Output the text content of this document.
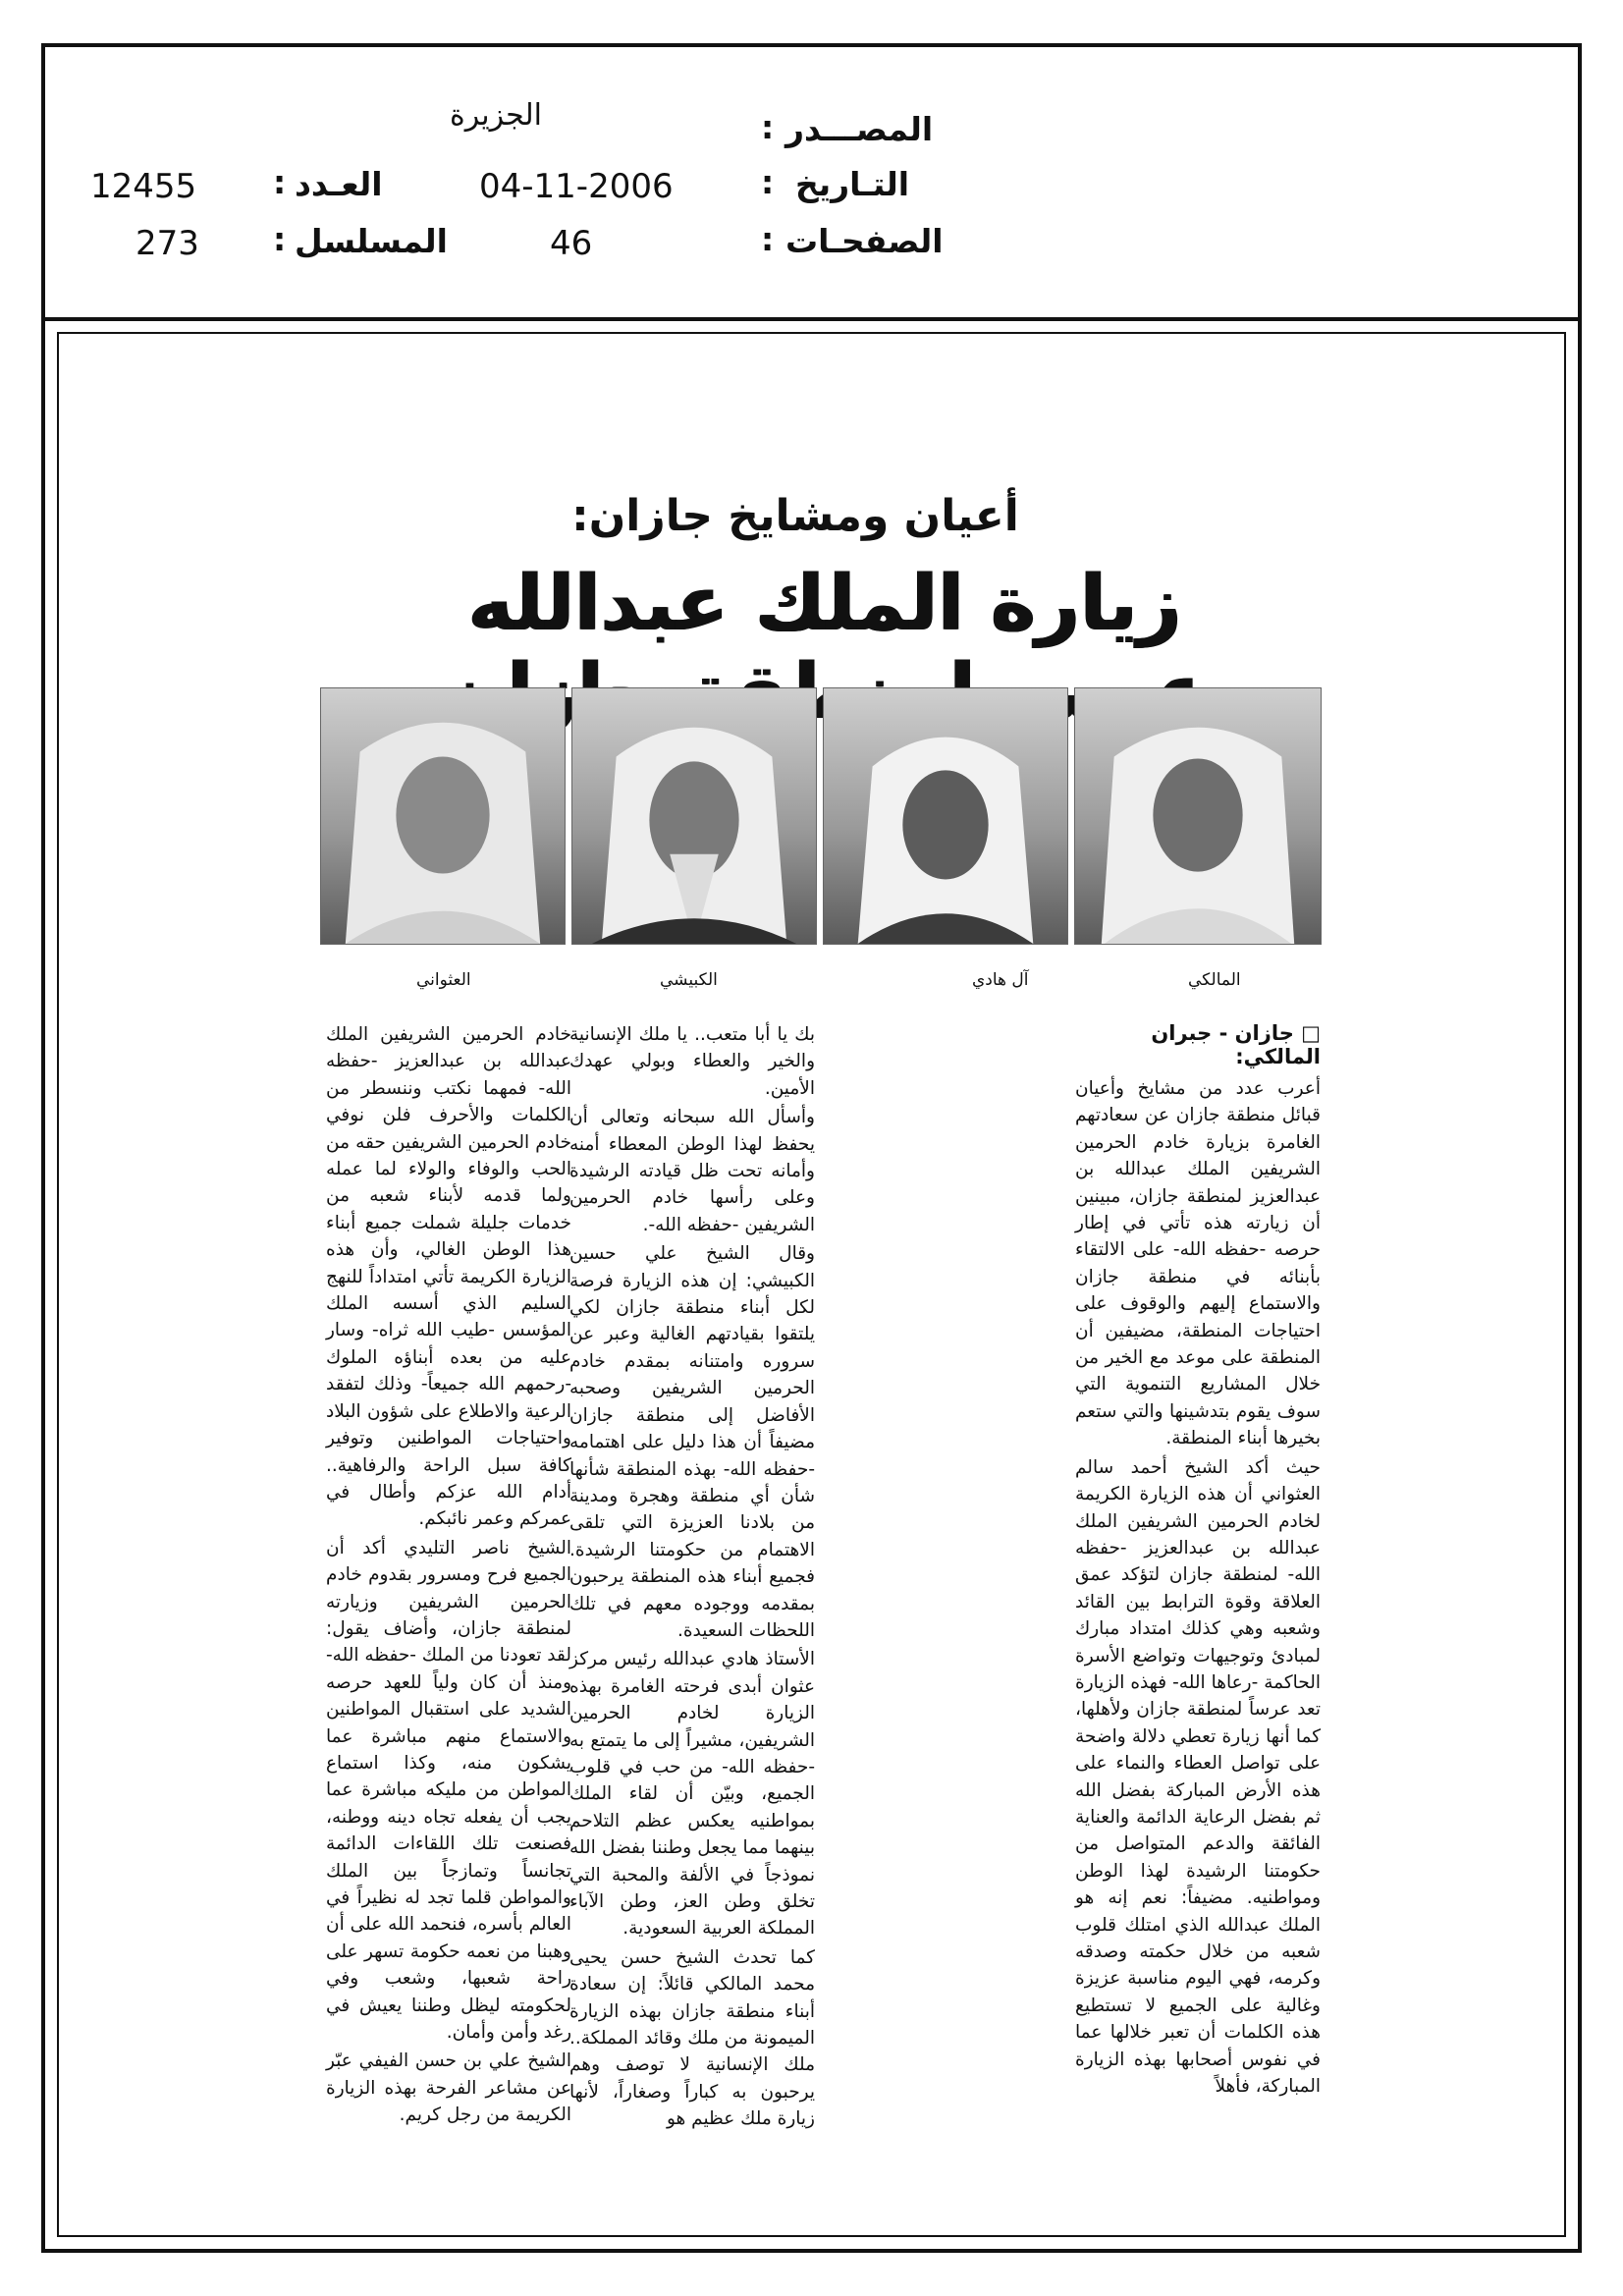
المصـــدر
:
الجزيرة
التـاريخ
:
04-11-2006
الصفحـات
:
46
العـدد
:
12455
المسلسل
:
273
أعيان ومشايخ جازان:
زيارة الملك عبدالله
المالكي
آل هادي
الكبيشي
العثواني
□ جازان - جبران المالكي:

أعرب عدد من مشايخ وأعيان قبائل منطقة جازان عن سعادتهم الغامرة بزيارة خادم الحرمين الشريفين الملك عبدالله بن عبدالعزيز لمنطقة جازان، مبينين أن زيارته هذه تأتي في إطار حرصه -حفظه الله- على الالتقاء بأبنائه في منطقة جازان والاستماع إليهم والوقوف على احتياجات المنطقة، مضيفين أن المنطقة على موعد مع الخير من خلال المشاريع التنموية التي سوف يقوم بتدشينها والتي ستعم بخيرها أبناء المنطقة.

حيث أكد الشيخ أحمد سالم العثواني أن هذه الزيارة الكريمة لخادم الحرمين الشريفين الملك عبدالله بن عبدالعزيز -حفظه الله- لمنطقة جازان لتؤكد عمق العلاقة وقوة الترابط بين القائد وشعبه وهي كذلك امتداد مبارك لمبادئ وتوجيهات وتواضع الأسرة الحاكمة -رعاها الله- فهذه الزيارة تعد عرساً لمنطقة جازان ولأهلها، كما أنها زيارة تعطي دلالة واضحة على تواصل العطاء والنماء على هذه الأرض المباركة بفضل الله ثم بفضل الرعاية الدائمة والعناية الفائقة والدعم المتواصل من حكومتنا الرشيدة لهذا الوطن ومواطنيه. مضيفاً: نعم إنه هو الملك عبدالله الذي امتلك قلوب شعبه من خلال حكمته وصدقه وكرمه، فهي اليوم مناسبة عزيزة وغالية على الجميع لا تستطيع هذه الكلمات أن تعبر خلالها عما في نفوس أصحابها بهذه الزيارة المباركة، فأهلاً

بك يا أبا متعب.. يا ملك الإنسانية والخير والعطاء وبولي عهدك الأمين.

وأسأل الله سبحانه وتعالى أن يحفظ لهذا الوطن المعطاء أمنه وأمانه تحت ظل قيادته الرشيدة وعلى رأسها خادم الحرمين الشريفين -حفظه الله-.

وقال الشيخ علي حسين الكبيشي: إن هذه الزيارة فرصة لكل أبناء منطقة جازان لكي يلتقوا بقيادتهم الغالية وعبر عن سروره وامتنانه بمقدم خادم الحرمين الشريفين وصحبه الأفاضل إلى منطقة جازان مضيفاً أن هذا دليل على اهتمامه -حفظه الله- بهذه المنطقة شأنها شأن أي منطقة وهجرة ومدينة من بلادنا العزيزة التي تلقى الاهتمام من حكومتنا الرشيدة. فجميع أبناء هذه المنطقة يرحبون بمقدمه ووجوده معهم في تلك اللحظات السعيدة.

الأستاذ هادي عبدالله رئيس مركز عثوان أبدى فرحته الغامرة بهذه الزيارة لخادم الحرمين الشريفين، مشيراً إلى ما يتمتع به -حفظه الله- من حب في قلوب الجميع، وبيّن أن لقاء الملك بمواطنيه يعكس عظم التلاحم بينهما مما يجعل وطننا بفضل الله نموذجاً في الألفة والمحبة التي تخلق وطن العز، وطن الآباء المملكة العربية السعودية.

كما تحدث الشيخ حسن يحيى محمد المالكي قائلاً: إن سعادة أبناء منطقة جازان بهذه الزيارة الميمونة من ملك وقائد المملكة.. ملك الإنسانية لا توصف وهم يرحبون به كباراً وصغاراً، لأنها زيارة ملك عظيم هو

خادم الحرمين الشريفين الملك عبدالله بن عبدالعزيز -حفظه الله- فمهما نكتب وننسطر من الكلمات والأحرف فلن نوفي خادم الحرمين الشريفين حقه من الحب والوفاء والولاء لما عمله ولما قدمه لأبناء شعبه من خدمات جليلة شملت جميع أبناء هذا الوطن الغالي، وأن هذه الزيارة الكريمة تأتي امتداداً للنهج السليم الذي أسسه الملك المؤسس -طيب الله ثراه- وسار عليه من بعده أبناؤه الملوك -رحمهم الله جميعاً- وذلك لتفقد الرعية والاطلاع على شؤون البلاد واحتياجات المواطنين وتوفير كافة سبل الراحة والرفاهية.. أدام الله عزكم وأطال في عمركم وعمر نائبكم.

الشيخ ناصر التليدي أكد أن الجميع فرح ومسرور بقدوم خادم الحرمين الشريفين وزيارته لمنطقة جازان، وأضاف يقول: لقد تعودنا من الملك -حفظه الله- ومنذ أن كان ولياً للعهد حرصه الشديد على استقبال المواطنين والاستماع منهم مباشرة عما يشكون منه، وكذا استماع المواطن من مليكه مباشرة عما يجب أن يفعله تجاه دينه ووطنه، فصنعت تلك اللقاءات الدائمة تجانساً وتمازجاً بين الملك والمواطن قلما تجد له نظيراً في العالم بأسره، فنحمد الله على أن وهبنا من نعمه حكومة تسهر على راحة شعبها، وشعب وفي لحكومته ليظل وطننا يعيش في رغد وأمن وأمان.

الشيخ علي بن حسن الفيفي عبّر عن مشاعر الفرحة بهذه الزيارة الكريمة من رجل كريم.
